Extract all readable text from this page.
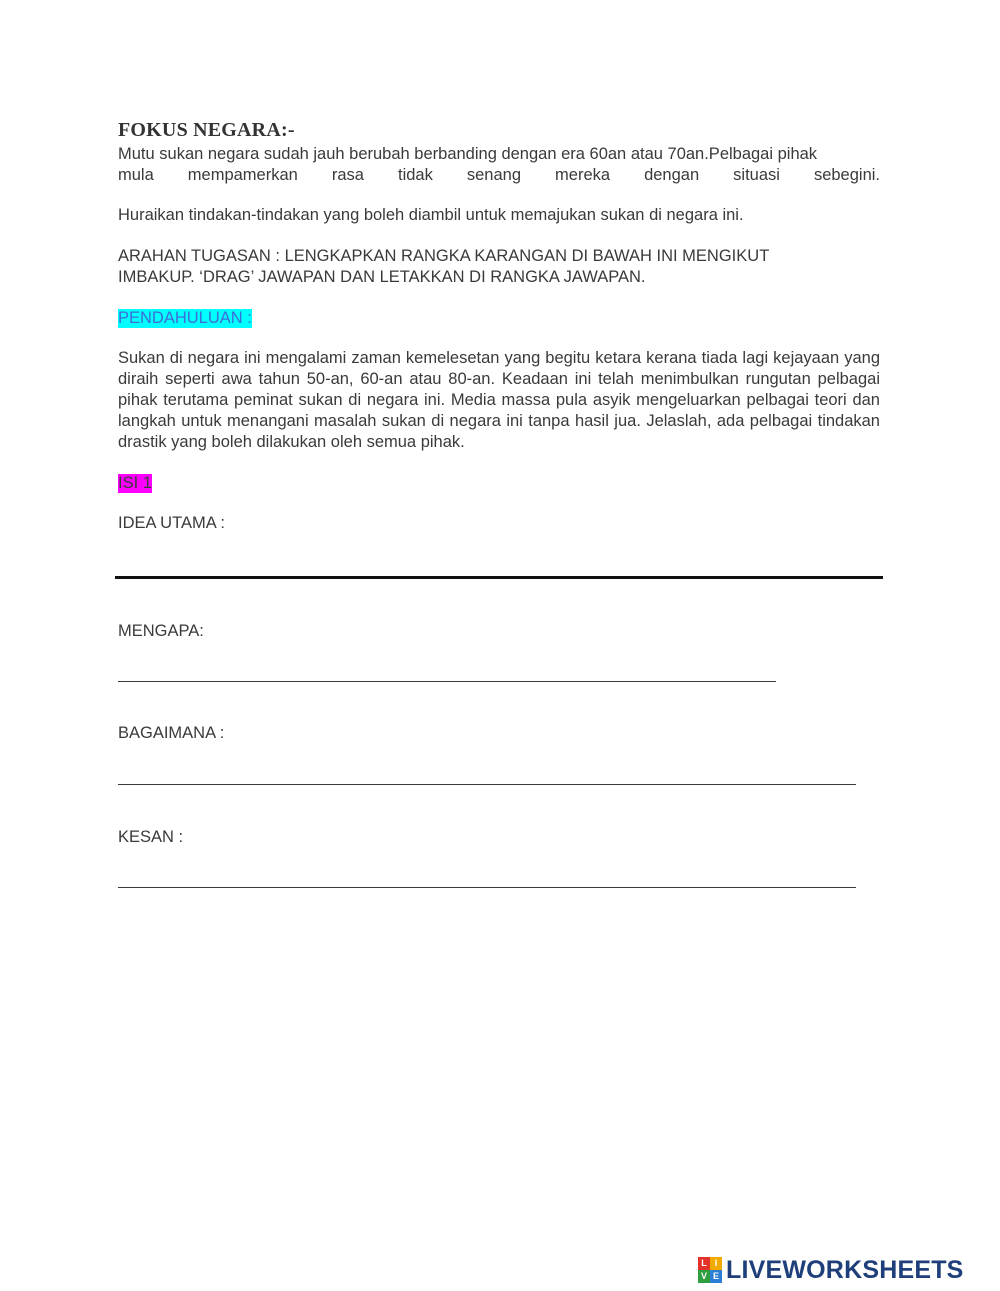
FOKUS NEGARA:-
Mutu sukan negara sudah jauh berubah berbanding dengan era 60an atau 70an.Pelbagai pihak
mula mempamerkan rasa tidak senang mereka dengan situasi sebegini.
Huraikan tindakan-tindakan yang boleh diambil untuk memajukan sukan di negara ini.
ARAHAN TUGASAN : LENGKAPKAN RANGKA KARANGAN DI BAWAH INI MENGIKUT
IMBAKUP. ‘DRAG’ JAWAPAN DAN LETAKKAN DI RANGKA JAWAPAN.
PENDAHULUAN :
Sukan di negara ini mengalami zaman kemelesetan yang begitu ketara kerana tiada lagi kejayaan yang diraih seperti awa tahun 50-an, 60-an atau 80-an. Keadaan ini telah menimbulkan rungutan pelbagai pihak terutama peminat sukan di negara ini. Media massa pula asyik mengeluarkan pelbagai teori dan langkah untuk menangani masalah sukan di negara ini tanpa hasil jua. Jelaslah, ada pelbagai tindakan drastik yang boleh dilakukan oleh semua pihak.
ISI 1
IDEA UTAMA :
MENGAPA:
BAGAIMANA :
KESAN :
L I
V E LIVEWORKSHEETS
